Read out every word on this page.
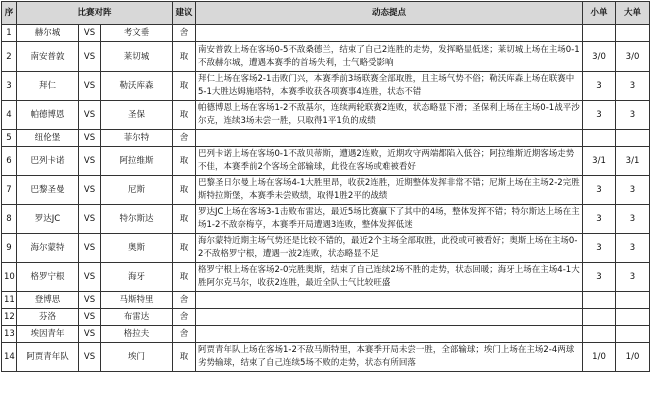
序	比赛对阵			建议	动态提点	小单	大单
1	赫尔城	VS	考文垂	舍			
2	南安普敦	VS	莱切城	取	南安普敦上场在客场0-5不敌桑德兰，结束了自己2连胜的走势，发挥略显低迷；莱切城上场在主场0-1不敌赫尔城，遭遇本赛季的首场失利，士气略受影响	3/0	3/0
3	拜仁	VS	勒沃库森	取	拜仁上场在客场2-1击败门兴，本赛季前3场联赛全部取胜，且主场气势不俗；勒沃库森上场在联赛中5-1大胜达姆施塔特，本赛季收获各项赛事4连胜，状态不错	3	3
4	帕德博恩	VS	圣保	取	帕德博恩上场在客场1-2不敌基尔，连续两轮联赛2连败，状态略显下滑；圣保利上场在主场0-1战平沙尔克，连续3场未尝一胜，只取得1平1负的成绩	3	3
5	纽伦堡	VS	菲尔特	舍			
6	巴列卡诺	VS	阿拉维斯	取	巴列卡诺上场在客场0-1不敌贝蒂斯，遭遇2连败，近期攻守两端都陷入低谷；阿拉维斯近期客场走势不佳，本赛季前2个客场全部输球，此役在客场或难被看好	3/1	3/1
7	巴黎圣曼	VS	尼斯	取	巴黎圣日尔曼上场在客场4-1大胜里昂，收获2连胜，近期整体发挥非常不错；尼斯上场在主场2-2完胜斯特拉斯堡，本赛季未尝败绩，取得1胜2平的战绩	3	3
8	罗达JC	VS	特尔斯达	取	罗达JC上场在客场3-1击败布雷达，最近5场比赛赢下了其中的4场，整体发挥不错；特尔斯达上场在主场1-2不敌奈梅亨，本赛季开局遭遇3连败，整体发挥低迷	3	3
9	海尔蒙特	VS	奥斯	取	海尔蒙特近期主场气势还是比较不错的，最近2个主场全部取胜，此役或可被看好；奥斯上场在主场0-2不敌格罗宁根，遭遇一波2连败，状态略显不足	3	3
10	格罗宁根	VS	海牙	取	格罗宁根上场在客场2-0完胜奥斯，结束了自己连续2场不胜的走势，状态回暖；海牙上场在主场4-1大胜阿尔克马尔，收获2连胜，最近全队士气比较旺盛	3	3
11	登博思	VS	马斯特里	舍			
12	芬洛	VS	布雷达	舍			
13	埃因青年	VS	格拉夫	舍			
14	阿贾青年队	VS	埃门	取	阿贾青年队上场在客场1-2不敌马斯特里，本赛季开局未尝一胜，全部输球；埃门上场在主场2-4两球劣势输球，结束了自己连续5场不败的走势，状态有所回落	1/0	1/0
